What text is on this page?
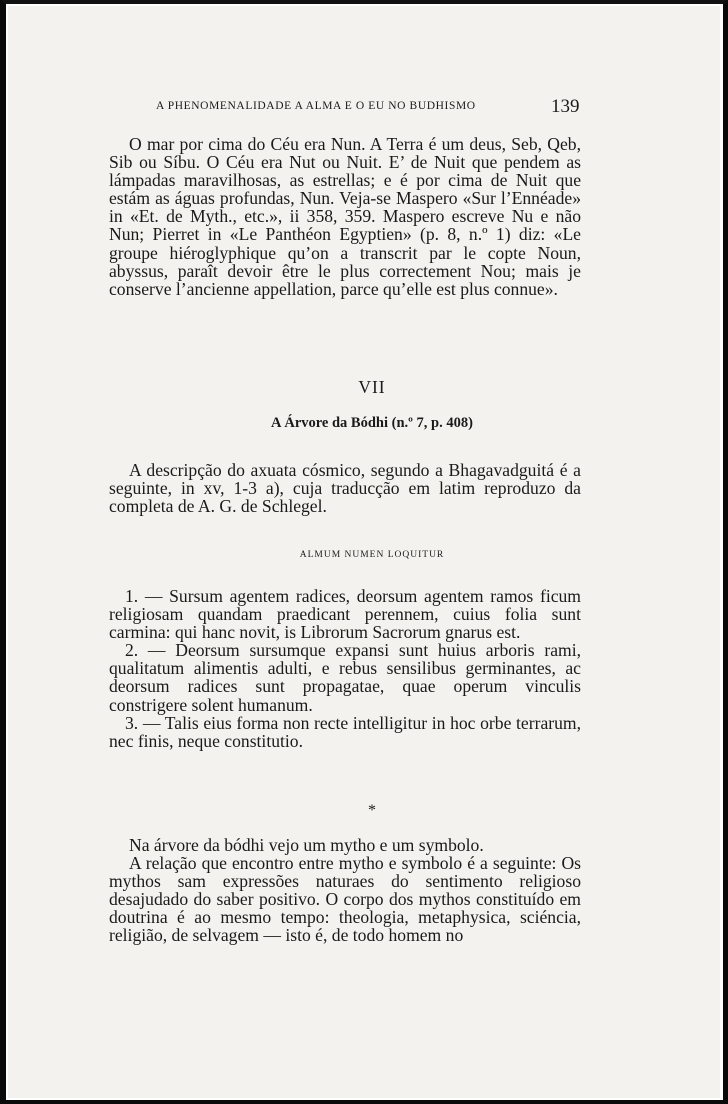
A PHENOMENALIDADE A ALMA E O EU NO BUDHISMO	139

O mar por cima do Céu era Nun. A Terra é um deus, Seb, Qeb, Sib ou Síbu. O Céu era Nut ou Nuit. E’ de Nuit que pendem as lámpadas maravilhosas, as estrellas; e é por cima de Nuit que estám as águas profundas, Nun. Veja-se Maspero «Sur l’Ennéade» in «Et. de Myth., etc.», ii 358, 359. Maspero escreve Nu e não Nun; Pierret in «Le Panthéon Egyptien» (p. 8, n.º 1) diz: «Le groupe hiéroglyphique qu’on a transcrit par le copte Noun, abyssus, paraît devoir être le plus correctement Nou; mais je conserve l’ancienne appellation, parce qu’elle est plus connue».

VII
A Árvore da Bódhi (n.º 7, p. 408)

A descripção do axuata cósmico, segundo a Bhagavadguitá é a seguinte, in xv, 1-3 a), cuja traducção em latim reproduzo da completa de A. G. de Schlegel.

ALMUM NUMEN LOQUITUR

1. — Sursum agentem radices, deorsum agentem ramos ficum religiosam quandam praedicant perennem, cuius folia sunt carmina: qui hanc novit, is Librorum Sacrorum gnarus est.

2. — Deorsum sursumque expansi sunt huius arboris rami, qualitatum alimentis adulti, e rebus sensilibus germinantes, ac deorsum radices sunt propagatae, quae operum vinculis constrigere solent humanum.

3. — Talis eius forma non recte intelligitur in hoc orbe terrarum, nec finis, neque constitutio.

*

Na árvore da bódhi vejo um mytho e um symbolo.

A relação que encontro entre mytho e symbolo é a seguinte: Os mythos sam expressões naturaes do sentimento religioso desajudado do saber positivo. O corpo dos mythos constituído em doutrina é ao mesmo tempo: theologia, metaphysica, sciéncia, religião, de selvagem — isto é, de todo homem no
